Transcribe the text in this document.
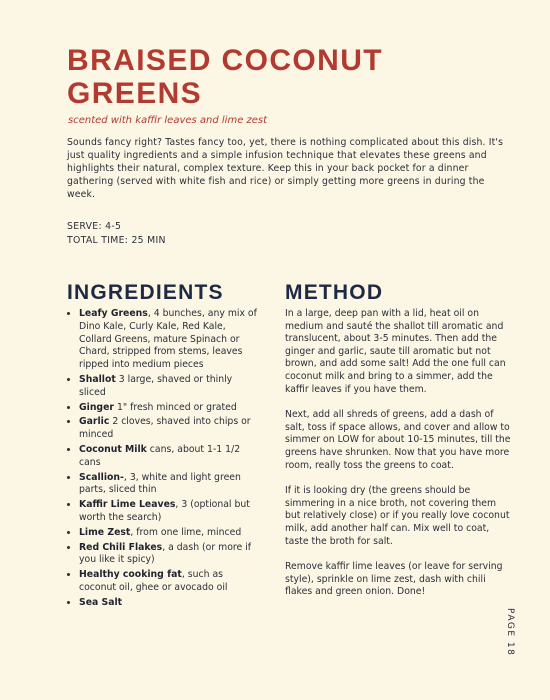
BRAISED COCONUT GREENS
scented with kaffir leaves and lime zest
Sounds fancy right? Tastes fancy too, yet, there is nothing complicated about this dish. It's just quality ingredients and a simple infusion technique that elevates these greens and highlights their natural, complex texture. Keep this in your back pocket for a dinner gathering (served with white fish and rice) or simply getting more greens in during the week.
SERVE: 4-5
TOTAL TIME: 25 MIN
INGREDIENTS
• Leafy Greens, 4 bunches, any mix of Dino Kale, Curly Kale, Red Kale, Collard Greens, mature Spinach or Chard, stripped from stems, leaves ripped into medium pieces
• Shallot 3 large, shaved or thinly sliced
• Ginger 1" fresh minced or grated
• Garlic 2 cloves, shaved into chips or minced
• Coconut Milk cans, about 1-1 1/2 cans
• Scallion-, 3, white and light green parts, sliced thin
• Kaffir Lime Leaves, 3 (optional but worth the search)
• Lime Zest, from one lime, minced
• Red Chili Flakes, a dash (or more if you like it spicy)
• Healthy cooking fat, such as coconut oil, ghee or avocado oil
• Sea Salt
METHOD

In a large, deep pan with a lid, heat oil on medium and sauté the shallot till aromatic and translucent, about 3-5 minutes. Then add the ginger and garlic, saute till aromatic but not brown, and add some salt! Add the one full can coconut milk and bring to a simmer, add the kaffir leaves if you have them.

Next, add all shreds of greens, add a dash of salt, toss if space allows, and cover and allow to simmer on LOW for about 10-15 minutes, till the greens have shrunken. Now that you have more room, really toss the greens to coat.

If it is looking dry (the greens should be simmering in a nice broth, not covering them but relatively close) or if you really love coconut milk, add another half can. Mix well to coat, taste the broth for salt.

Remove kaffir lime leaves (or leave for serving style), sprinkle on lime zest, dash with chili flakes and green onion. Done!

PAGE 18
